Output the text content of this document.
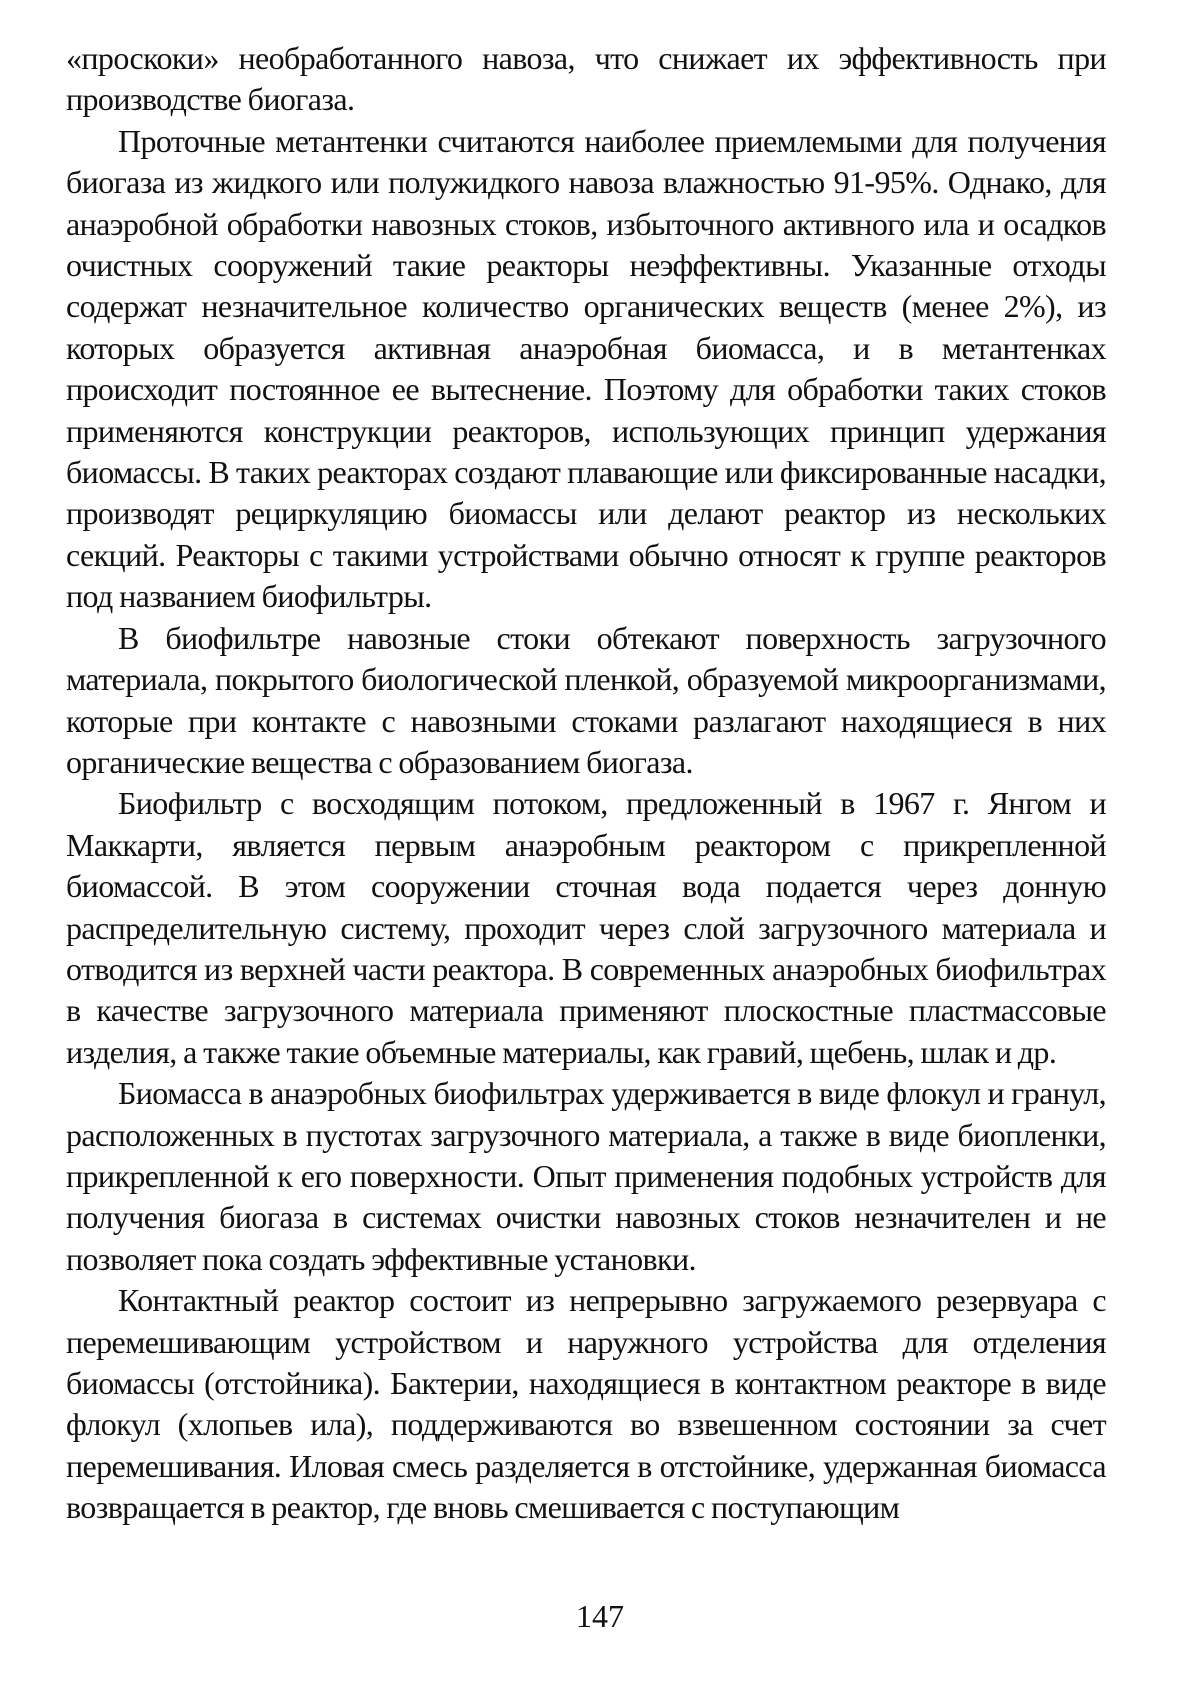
«проскоки» необработанного навоза, что снижает их эффективность при производстве биогаза.

Проточные метантенки считаются наиболее приемлемыми для получения биогаза из жидкого или полужидкого навоза влажностью 91-95%. Однако, для анаэробной обработки навозных стоков, избыточного активного ила и осадков очистных сооружений такие реакторы неэффективны. Указанные отходы содержат незначительное количество органических веществ (менее 2%), из которых образуется активная анаэробная биомасса, и в метантенках происходит постоянное ее вытеснение. Поэтому для обработки таких стоков применяются конструкции реакторов, использующих принцип удержания биомассы. В таких реакторах создают плавающие или фиксированные насадки, производят рециркуляцию биомассы или делают реактор из нескольких секций. Реакторы с такими устройствами обычно относят к группе реакторов под названием биофильтры.

В биофильтре навозные стоки обтекают поверхность загрузочного материала, покрытого биологической пленкой, образуемой микроорганизмами, которые при контакте с навозными стоками разлагают находящиеся в них органические вещества с образованием биогаза.

Биофильтр с восходящим потоком, предложенный в 1967 г. Янгом и Маккарти, является первым анаэробным реактором с прикрепленной биомассой. В этом сооружении сточная вода подается через донную распределительную систему, проходит через слой загрузочного материала и отводится из верхней части реактора. В современных анаэробных биофильтрах в качестве загрузочного материала применяют плоскостные пластмассовые изделия, а также такие объемные материалы, как гравий, щебень, шлак и др.

Биомасса в анаэробных биофильтрах удерживается в виде флокул и гранул, расположенных в пустотах загрузочного материала, а также в виде биопленки, прикрепленной к его поверхности. Опыт применения подобных устройств для получения биогаза в системах очистки навозных стоков незначителен и не позволяет пока создать эффективные установки.

Контактный реактор состоит из непрерывно загружаемого резервуара с перемешивающим устройством и наружного устройства для отделения биомассы (отстойника). Бактерии, находящиеся в контактном реакторе в виде флокул (хлопьев ила), поддерживаются во взвешенном состоянии за счет перемешивания. Иловая смесь разделяется в отстойнике, удержанная биомасса возвращается в реактор, где вновь смешивается с поступающим

147
